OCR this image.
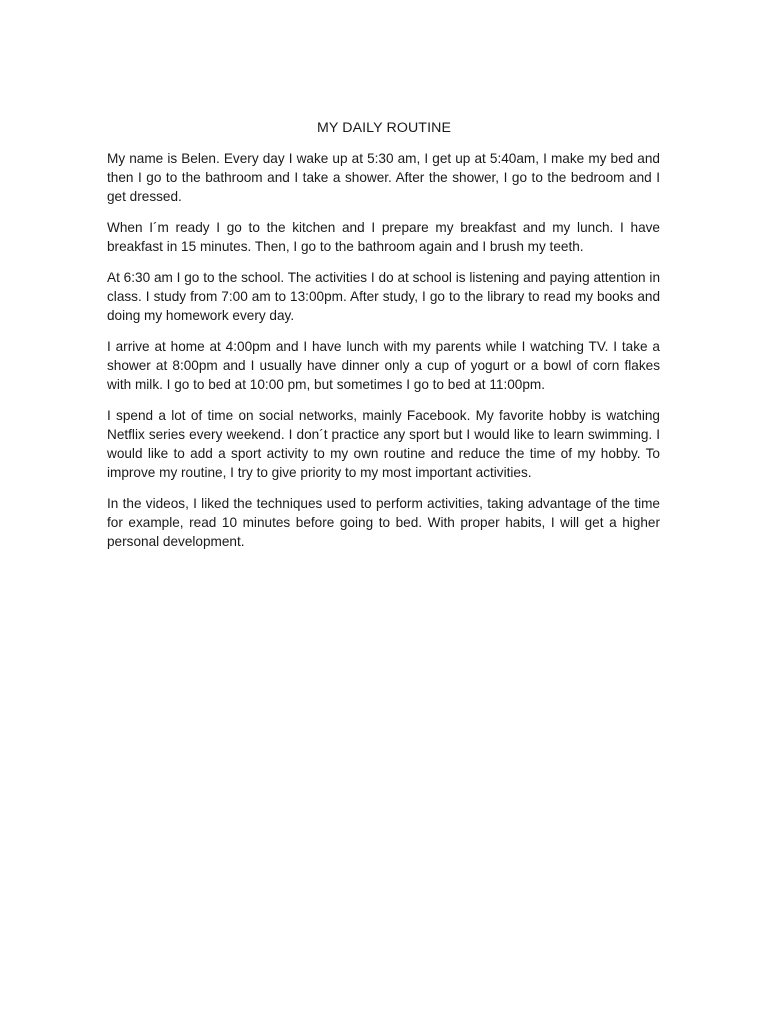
MY DAILY ROUTINE

My name is Belen. Every day I wake up at 5:30 am, I get up at 5:40am, I make my bed and then I go to the bathroom and I take a shower. After the shower, I go to the bedroom and I get dressed.

When I´m ready I go to the kitchen and I prepare my breakfast and my lunch. I have breakfast in 15 minutes. Then, I go to the bathroom again and I brush my teeth.

At 6:30 am I go to the school. The activities I do at school is listening and paying attention in class. I study from 7:00 am to 13:00pm. After study, I go to the library to read my books and doing my homework every day.

I arrive at home at 4:00pm and I have lunch with my parents while I watching TV. I take a shower at 8:00pm and I usually have dinner only a cup of yogurt or a bowl of corn flakes with milk. I go to bed at 10:00 pm, but sometimes I go to bed at 11:00pm.

I spend a lot of time on social networks, mainly Facebook. My favorite hobby is watching Netflix series every weekend. I don´t practice any sport but I would like to learn swimming. I would like to add a sport activity to my own routine and reduce the time of my hobby. To improve my routine, I try to give priority to my most important activities.

In the videos, I liked the techniques used to perform activities, taking advantage of the time for example, read 10 minutes before going to bed. With proper habits, I will get a higher personal development.
